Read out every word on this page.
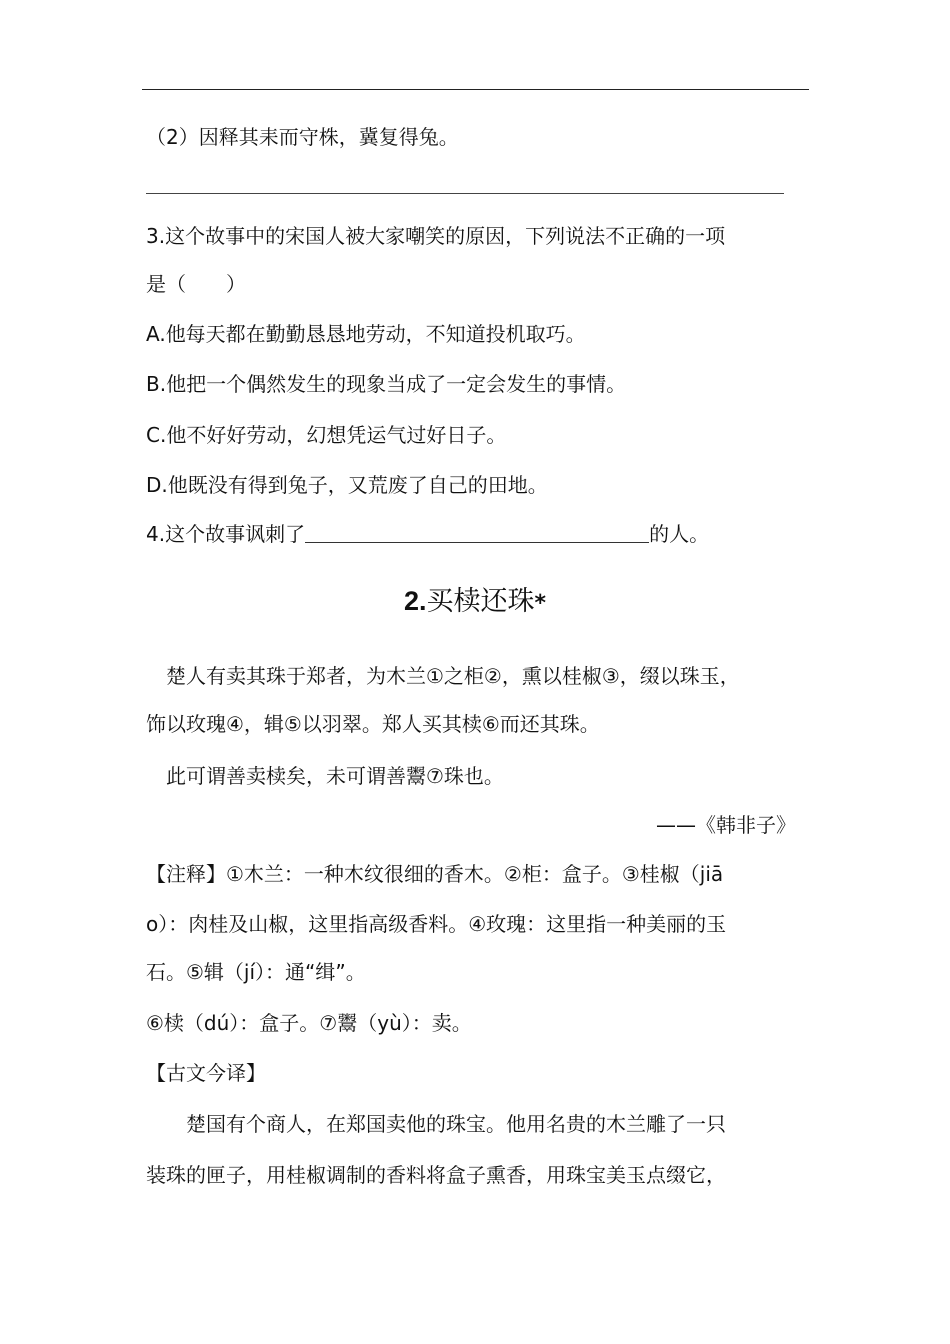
（2）因释其耒而守株，冀复得兔。
3.这个故事中的宋国人被大家嘲笑的原因，下列说法不正确的一项
是（　　）
A.他每天都在勤勤恳恳地劳动，不知道投机取巧。
B.他把一个偶然发生的现象当成了一定会发生的事情。
C.他不好好劳动，幻想凭运气过好日子。
D.他既没有得到兔子，又荒废了自己的田地。
4.这个故事讽刺了	的人。
2.买椟还珠*
楚人有卖其珠于郑者，为木兰①之柜②，熏以桂椒③，缀以珠玉，
饰以玫瑰④，辑⑤以羽翠。郑人买其椟⑥而还其珠。
此可谓善卖椟矣，未可谓善鬻⑦珠也。
——《韩非子》
【注释】①木兰：一种木纹很细的香木。②柜：盒子。③桂椒（jiā
o）：肉桂及山椒，这里指高级香料。④玫瑰：这里指一种美丽的玉
石。⑤辑（jí）：通“缉”。
⑥椟（dú）：盒子。⑦鬻（yù）：卖。
【古文今译】
楚国有个商人，在郑国卖他的珠宝。他用名贵的木兰雕了一只
装珠的匣子，用桂椒调制的香料将盒子熏香，用珠宝美玉点缀它，
